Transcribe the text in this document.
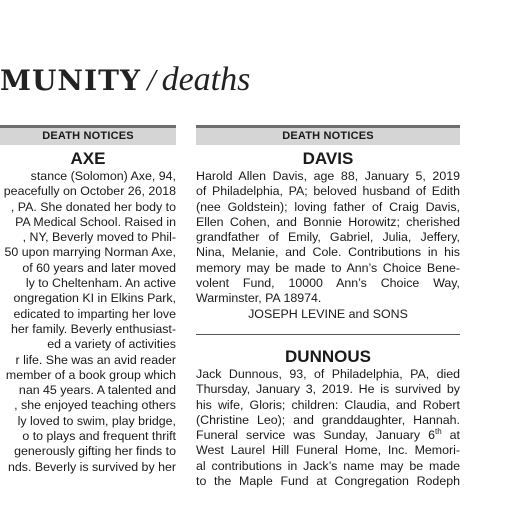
MUNITY / deaths
DEATH NOTICES
AXE
stance (Solomon) Axe, 94,
peacefully on October 26, 2018
, PA. She donated her body to
PA Medical School. Raised in
, NY, Beverly moved to Phil-
50 upon marrying Norman Axe,
of 60 years and later moved
ly to Cheltenham. An active
ongregation KI in Elkins Park,
edicated to imparting her love
her family. Beverly enthusiast-
ed a variety of activities
r life. She was an avid reader
member of a book group which
nan 45 years. A talented and
, she enjoyed teaching others
ly loved to swim, play bridge,
o to plays and frequent thrift
generously gifting her finds to
nds. Beverly is survived by her
DEATH NOTICES
DAVIS
Harold Allen Davis, age 88, January 5, 2019
of Philadelphia, PA; beloved husband of Edith
(nee Goldstein); loving father of Craig Davis,
Ellen Cohen, and Bonnie Horowitz; cherished
grandfather of Emily, Gabriel, Julia, Jeffery,
Nina, Melanie, and Cole. Contributions in his
memory may be made to Ann’s Choice Bene-
volent Fund, 10000 Ann’s Choice Way,
Warminster, PA 18974.
JOSEPH LEVINE and SONS
DUNNOUS
Jack Dunnous, 93, of Philadelphia, PA, died
Thursday, January 3, 2019. He is survived by
his wife, Gloris; children: Claudia, and Robert
(Christine Leo); and granddaughter, Hannah.
Funeral service was Sunday, January 6th at
West Laurel Hill Funeral Home, Inc. Memori-
al contributions in Jack’s name may be made
to the Maple Fund at Congregation Rodeph
